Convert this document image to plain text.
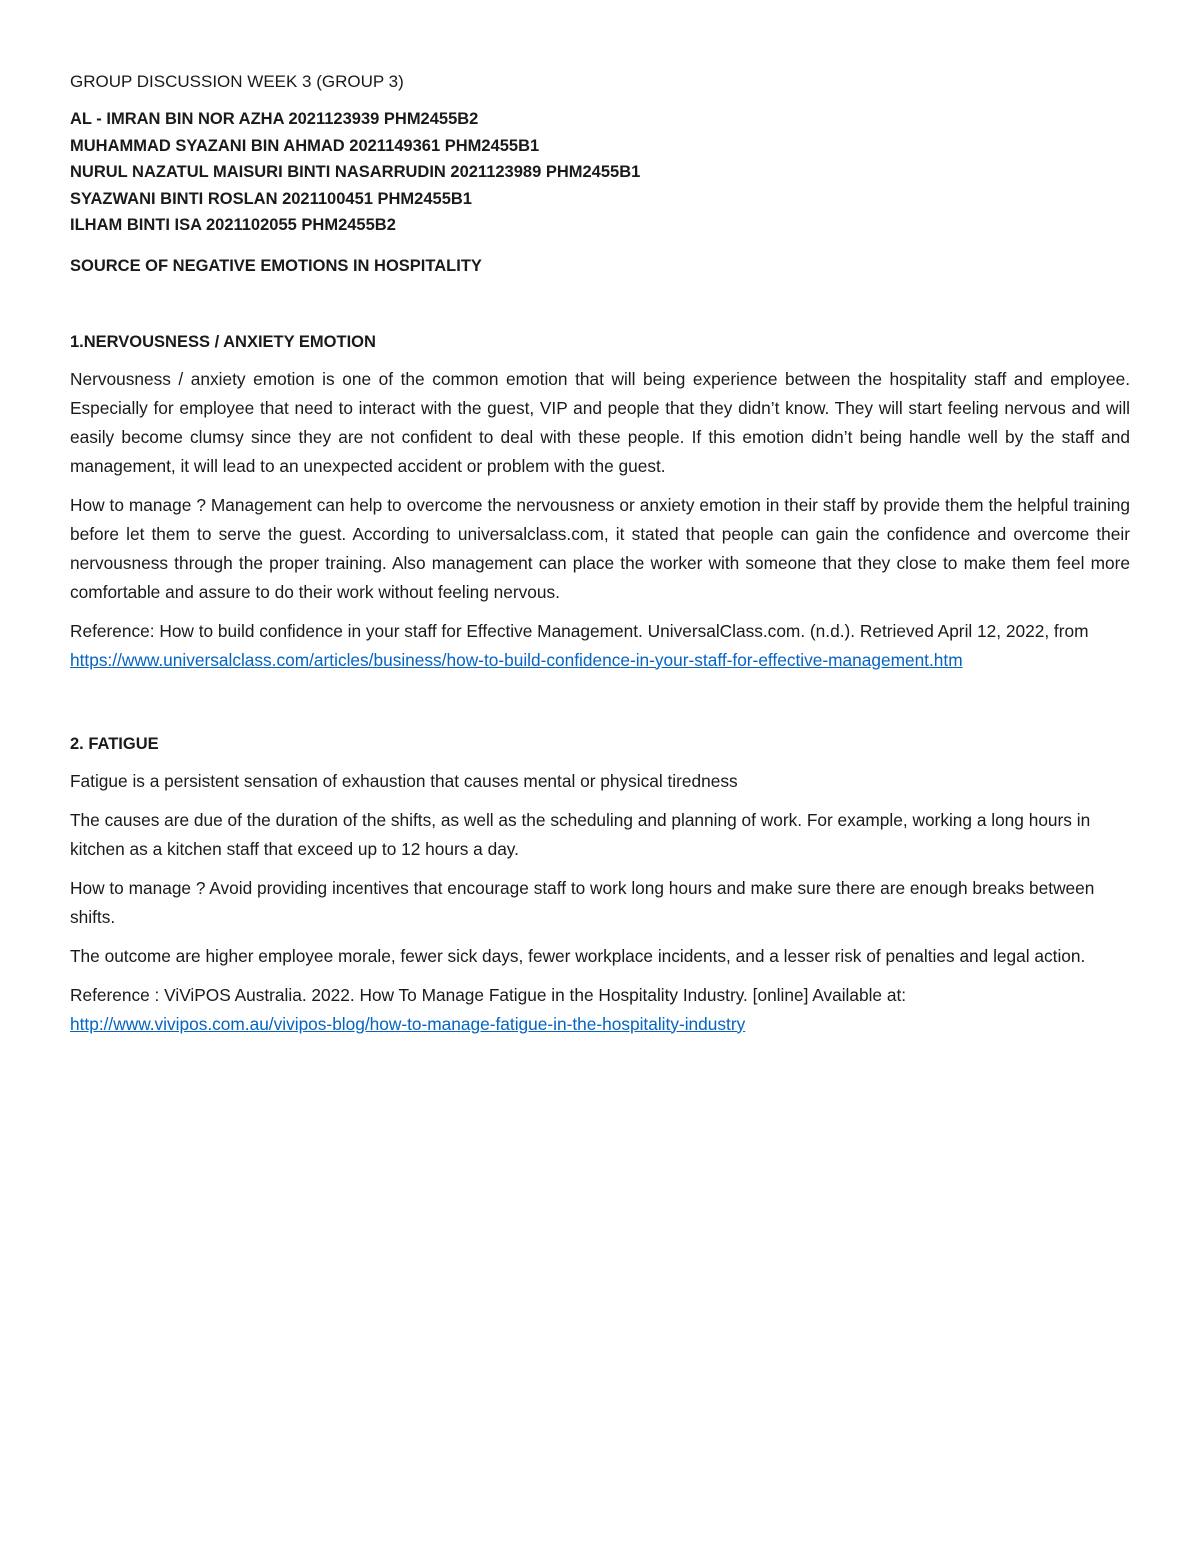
GROUP DISCUSSION WEEK 3 (GROUP 3)

AL - IMRAN BIN NOR AZHA 2021123939 PHM2455B2

MUHAMMAD SYAZANI BIN AHMAD 2021149361 PHM2455B1

NURUL NAZATUL MAISURI BINTI NASARRUDIN 2021123989 PHM2455B1

SYAZWANI BINTI ROSLAN 2021100451 PHM2455B1

ILHAM BINTI ISA 2021102055 PHM2455B2

SOURCE OF NEGATIVE EMOTIONS IN HOSPITALITY

1.NERVOUSNESS / ANXIETY EMOTION

Nervousness / anxiety emotion is one of the common emotion that will being experience between the hospitality staff and employee. Especially for employee that need to interact with the guest, VIP and people that they didn’t know. They will start feeling nervous and will easily become clumsy since they are not confident to deal with these people. If this emotion didn’t being handle well by the staff and management, it will lead to an unexpected accident or problem with the guest.

How to manage ? Management can help to overcome the nervousness or anxiety emotion in their staff by provide them the helpful training before let them to serve the guest. According to universalclass.com, it stated that people can gain the confidence and overcome their nervousness through the proper training. Also management can place the worker with someone that they close to make them feel more comfortable and assure to do their work without feeling nervous.

Reference: How to build confidence in your staff for Effective Management. UniversalClass.com. (n.d.). Retrieved April 12, 2022, from https://www.universalclass.com/articles/business/how-to-build-confidence-in-your-staff-for-effective-management.htm

2. FATIGUE

Fatigue is a persistent sensation of exhaustion that causes mental or physical tiredness

The causes are due of the duration of the shifts, as well as the scheduling and planning of work. For example, working a long hours in kitchen as a kitchen staff that exceed up to 12 hours a day.

How to manage ? Avoid providing incentives that encourage staff to work long hours and make sure there are enough breaks between shifts.

The outcome are higher employee morale, fewer sick days, fewer workplace incidents, and a lesser risk of penalties and legal action.

Reference : ViViPOS Australia. 2022. How To Manage Fatigue in the Hospitality Industry. [online] Available at: http://www.vivipos.com.au/vivipos-blog/how-to-manage-fatigue-in-the-hospitality-industry
